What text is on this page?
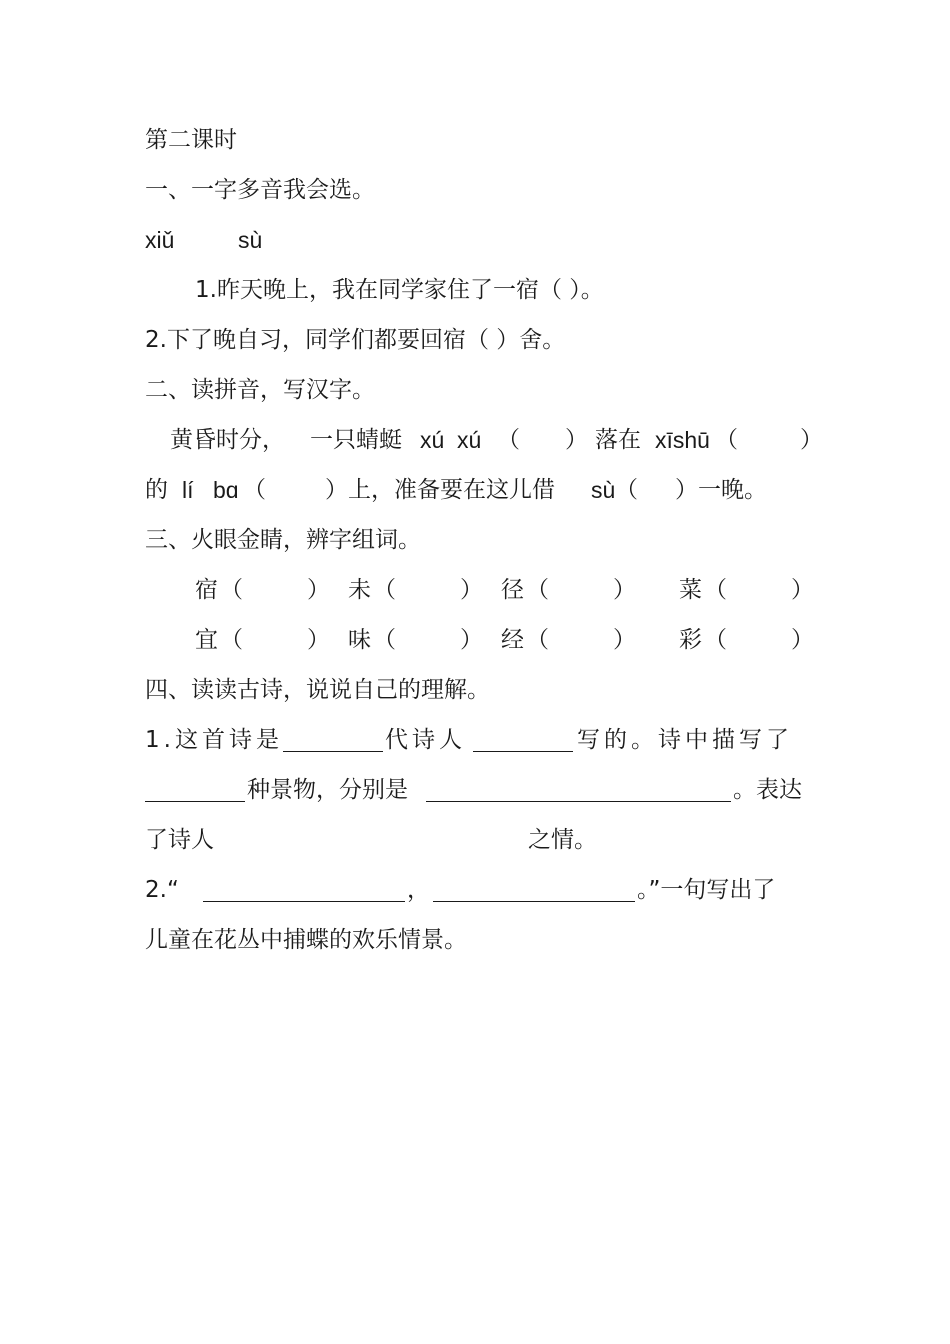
第二课时
一、一字多音我会选。
xiǔ	sù
1.昨天晚上，我在同学家住了一宿（ ）。
2.下了晚自习，同学们都要回宿（ ）舍。
二、读拼音，写汉字。
黄昏时分， 一只蜻蜓 xú xú （ ） 落在 xīshū （	）
的 lí bɑ （	）上，准备要在这儿借 sù （ ）一晚。
三、火眼金睛，辨字组词。
宿 （	） 未 （	） 径 （	） 菜 （	）
宜 （	） 味 （	） 经 （	） 彩 （	）
四、读读古诗，说说自己的理解。
1.这首诗是	代诗人	写的。诗中描写了
种景物，分别是	。表达
了诗人	之情。
2.“	，	。”一句写出了
儿童在花丛中捕蝶的欢乐情景。
